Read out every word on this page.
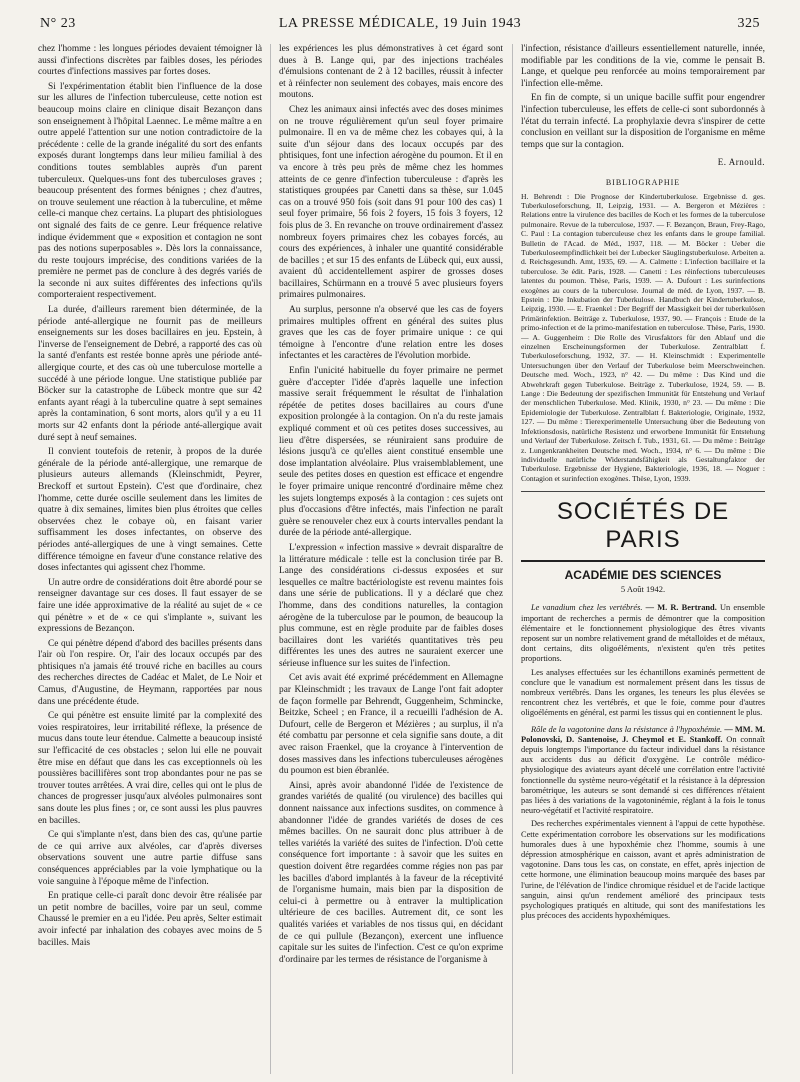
N° 23	LA PRESSE MÉDICALE, 19 Juin 1943	325

chez l'homme : les longues périodes devaient témoigner là aussi d'infections discrètes par faibles doses, les périodes courtes d'infections massives par fortes doses.

Si l'expérimentation établit bien l'influence de la dose sur les allures de l'infection tuberculeuse, cette notion est beaucoup moins claire en clinique disait Bezançon dans son enseignement à l'hôpital Laennec. Le même maître a en outre appelé l'attention sur une notion contradictoire de la précédente : celle de la grande inégalité du sort des enfants exposés durant longtemps dans leur milieu familial à des conditions toutes semblables auprès d'un parent tuberculeux. Quelques-uns font des tuberculoses graves ; beaucoup présentent des formes bénignes ; chez d'autres, on trouve seulement une réaction à la tuberculine, et même celle-ci manque chez certains. La plupart des phtisiologues ont signalé des faits de ce genre. Leur fréquence relative indique évidemment que « exposition et contagion ne sont pas des notions superposables ». Dès lors la connaissance, du reste toujours imprécise, des conditions variées de la première ne permet pas de conclure à des degrés variés de la seconde ni aux suites différentes des infections qu'ils comporteraient respectivement.

La durée, d'ailleurs rarement bien déterminée, de la période anté-allergique ne fournit pas de meilleurs enseignements sur les doses bacillaires en jeu. Epstein, à l'inverse de l'enseignement de Debré, a rapporté des cas où la santé d'enfants est restée bonne après une période anté-allergique courte, et des cas où une tuberculose mortelle a succédé à une période longue. Une statistique publiée par Böcker sur la catastrophe de Lübeck montre que sur 42 enfants ayant réagi à la tuberculine quatre à sept semaines après la contamination, 6 sont morts, alors qu'il y a eu 11 morts sur 42 enfants dont la période anté-allergique avait duré sept à neuf semaines.

Il convient toutefois de retenir, à propos de la durée générale de la période anté-allergique, une remarque de plusieurs auteurs allemands (Kleinschmidt, Peyrer, Breckoff et surtout Epstein). C'est que d'ordinaire, chez l'homme, cette durée oscille seulement dans les limites de quatre à dix semaines, limites bien plus étroites que celles observées chez le cobaye où, en faisant varier suffisamment les doses infectantes, on observe des périodes anté-allergiques de une à vingt semaines. Cette différence témoigne en faveur d'une constance relative des doses infectantes qui agissent chez l'homme.

Un autre ordre de considérations doit être abordé pour se renseigner davantage sur ces doses. Il faut essayer de se faire une idée approximative de la réalité au sujet de « ce qui pénètre » et de « ce qui s'implante », suivant les expressions de Bezançon.

Ce qui pénètre dépend d'abord des bacilles présents dans l'air où l'on respire. Or, l'air des locaux occupés par des phtisiques n'a jamais été trouvé riche en bacilles au cours des recherches directes de Cadéac et Malet, de Le Noir et Camus, d'Augustine, de Heymann, rapportées par nous dans une précédente étude.

Ce qui pénètre est ensuite limité par la complexité des voies respiratoires, leur irritabilité réflexe, la présence de mucus dans toute leur étendue. Calmette a beaucoup insisté sur l'efficacité de ces obstacles ; selon lui elle ne pouvait être mise en défaut que dans les cas exceptionnels où les poussières bacillifères sont trop abondantes pour ne pas se trouver toutes arrêtées. A vrai dire, celles qui ont le plus de chances de progresser jusqu'aux alvéoles pulmonaires sont sans doute les plus fines ; or, ce sont aussi les plus pauvres en bacilles.

Ce qui s'implante n'est, dans bien des cas, qu'une partie de ce qui arrive aux alvéoles, car d'après diverses observations souvent une autre partie diffuse sans conséquences appréciables par la voie lymphatique ou la voie sanguine à l'époque même de l'infection.

En pratique celle-ci paraît donc devoir être réalisée par un petit nombre de bacilles, voire par un seul, comme Chaussé le premier en a eu l'idée. Peu après, Selter estimait avoir infecté par inhalation des cobayes avec moins de 5 bacilles. Mais

les expériences les plus démonstratives à cet égard sont dues à B. Lange qui, par des injections trachéales d'émulsions contenant de 2 à 12 bacilles, réussit à infecter et à réinfecter non seulement des cobayes, mais encore des moutons.

Chez les animaux ainsi infectés avec des doses minimes on ne trouve régulièrement qu'un seul foyer primaire pulmonaire. Il en va de même chez les cobayes qui, à la suite d'un séjour dans des locaux occupés par des phtisiques, font une infection aérogène du poumon. Et il en va encore à très peu près de même chez les hommes atteints de ce genre d'infection tuberculeuse : d'après les statistiques groupées par Canetti dans sa thèse, sur 1.045 cas on a trouvé 950 fois (soit dans 91 pour 100 des cas) 1 seul foyer primaire, 56 fois 2 foyers, 15 fois 3 foyers, 12 fois plus de 3. En revanche on trouve ordinairement d'assez nombreux foyers primaires chez les cobayes forcés, au cours des expériences, à inhaler une quantité considérable de bacilles ; et sur 15 des enfants de Lübeck qui, eux aussi, avaient dû accidentellement aspirer de grosses doses bacillaires, Schürmann en a trouvé 5 avec plusieurs foyers primaires pulmonaires.

Au surplus, personne n'a observé que les cas de foyers primaires multiples offrent en général des suites plus graves que les cas de foyer primaire unique : ce qui témoigne à l'encontre d'une relation entre les doses infectantes et les caractères de l'évolution morbide.

Enfin l'unicité habituelle du foyer primaire ne permet guère d'accepter l'idée d'après laquelle une infection massive serait fréquemment le résultat de l'inhalation répétée de petites doses bacillaires au cours d'une exposition prolongée à la contagion. On n'a du reste jamais expliqué comment et où ces petites doses successives, au lieu d'être dispersées, se réuniraient sans produire de lésions jusqu'à ce qu'elles aient constitué ensemble une dose implantation alvéolaire. Plus vraisemblablement, une seule des petites doses en question est efficace et engendre le foyer primaire unique rencontré d'ordinaire même chez les sujets longtemps exposés à la contagion : ces sujets ont plus d'occasions d'être infectés, mais l'infection ne paraît guère se renouveler chez eux à courts intervalles pendant la durée de la période anté-allergique.

L'expression « infection massive » devrait disparaître de la littérature médicale : telle est la conclusion tirée par B. Lange des considérations ci-dessus exposées et sur lesquelles ce maître bactériologiste est revenu maintes fois dans une série de publications. Il y a déclaré que chez l'homme, dans des conditions naturelles, la contagion aérogène de la tuberculose par le poumon, de beaucoup la plus commune, est en règle produite par de faibles doses bacillaires dont les variétés quantitatives très peu différentes les unes des autres ne sauraient exercer une sérieuse influence sur les suites de l'infection.

Cet avis avait été exprimé précédemment en Allemagne par Kleinschmidt ; les travaux de Lange l'ont fait adopter de façon formelle par Behrendt, Guggenheim, Schmincke, Beitzke, Scheel ; en France, il a recueilli l'adhésion de A. Dufourt, celle de Bergeron et Mézières ; au surplus, il n'a été combattu par personne et cela signifie sans doute, a dit avec raison Fraenkel, que la croyance à l'intervention de doses massives dans les infections tuberculeuses aérogènes du poumon est bien ébranlée.

Ainsi, après avoir abandonné l'idée de l'existence de grandes variétés de qualité (ou virulence) des bacilles qui donnent naissance aux infections susdites, on commence à abandonner l'idée de grandes variétés de doses de ces mêmes bacilles. On ne saurait donc plus attribuer à de telles variétés la variété des suites de l'infection. D'où cette conséquence fort importante : à savoir que les suites en question doivent être regardées comme régies non pas par les bacilles d'abord implantés à la faveur de la réceptivité de l'organisme humain, mais bien par la disposition de celui-ci à permettre ou à entraver la multiplication ultérieure de ces bacilles. Autrement dit, ce sont les qualités variées et variables de nos tissus qui, en décidant de ce qui pullule (Bezançon), exercent une influence capitale sur les suites de l'infection. C'est ce qu'on exprime d'ordinaire par les termes de résistance de l'organisme à

l'infection, résistance d'ailleurs essentiellement naturelle, innée, modifiable par les conditions de la vie, comme le pensait B. Lange, et quelque peu renforcée au moins temporairement par l'infection elle-même.

En fin de compte, si un unique bacille suffit pour engendrer l'infection tuberculeuse, les effets de celle-ci sont subordonnés à l'état du terrain infecté. La prophylaxie devra s'inspirer de cette conclusion en veillant sur la disposition de l'organisme en même temps que sur la contagion.

E. Arnould.
BIBLIOGRAPHIE

H. Behrendt : Die Prognose der Kindertuberkulose. Ergebnisse d. ges. Tuberkuloseforschung, II, Leipzig, 1931. — A. Bergeron et Mézières : Relations entre la virulence des bacilles de Koch et les formes de la tuberculose pulmonaire. Revue de la tuberculose, 1937. — F. Bezançon, Braun, Frey-Rago, C. Paul : La contagion tuberculeuse chez les enfants dans le groupe familial. Bulletin de l'Acad. de Méd., 1937, 118. — M. Böcker : Ueber die Tuberkuloseempfindlichkeit bei der Lubecker Säuglingstuberkulose. Arbeiten a. d. Reichsgesundh. Amt, 1935, 69. — A. Calmette : L'infection bacillaire et la tuberculose. 3e édit. Paris, 1928. — Canetti : Les réinfections tuberculeuses latentes du poumon. Thèse, Paris, 1939. — A. Dufourt : Les surinfections exogènes au cours de la tuberculose. Journal de méd. de Lyon, 1937. — B. Epstein : Die Inkubation der Tuberkulose. Handbuch der Kindertuberkulose, Leipzig, 1930. — E. Fraenkel : Der Begriff der Massigkeit bei der tuberkulösen Primärinfektion. Beiträge z. Tuberkulose, 1937, 90. — François : Etude de la primo-infection et de la primo-manifestation en tuberculose. Thèse, Paris, 1930. — A. Guggenheim : Die Rolle des Virusfaktors für den Ablauf und die einzelnen Erscheinungsformen der Tuberkulose. Zentralblatt f. Tuberkuloseforschung, 1932, 37. — H. Kleinschmidt : Experimentelle Untersuchungen über den Verlauf der Tuberkulose beim Meerschweinchen. Deutsche med. Woch., 1923, n° 42. — Du même : Das Kind und die Abwehrkraft gegen Tuberkulose. Beiträge z. Tuberkulose, 1924, 59. — B. Lange : Die Bedeutung der spezifischen Immunität für Entstehung und Verlauf der menschlichen Tuberkulose. Med. Klinik, 1930, n° 23. — Du même : Die Epidemiologie der Tuberkulose. Zentralblatt f. Bakteriologie, Originale, 1932, 127. — Du même : Tierexperimentelle Untersuchung über die Bedeutung von Infektionsdosis, natürliche Resistenz und erworbene Immunität für Entstehung und Verlauf der Tuberkulose. Zeitsch f. Tub., 1931, 61. — Du même : Beiträge z. Lungenkrankheiten Deutsche med. Woch., 1934, n° 6. — Du même : Die individuelle natürliche Widerstandsfähigkeit als Gestaltungfaktor der Tuberkulose. Ergebnisse der Hygiene, Bakteriologie, 1936, 18. — Noguer : Contagion et surinfection exogènes. Thèse, Lyon, 1939.

SOCIÉTÉS DE PARIS
ACADÉMIE DES SCIENCES
5 Août 1942.

Le vanadium chez les vertébrés. — M. R. Bertrand. Un ensemble important de recherches a permis de démontrer que la composition élémentaire et le fonctionnement physiologique des êtres vivants reposent sur un nombre relativement grand de métalloïdes et de métaux, dont certains, dits oligoéléments, n'existent qu'en très petites proportions.

Les analyses effectuées sur les échantillons examinés permettent de conclure que le vanadium est normalement présent dans les tissus de nombreux vertébrés. Dans les organes, les teneurs les plus élevées se rencontrent chez les vertébrés, et que le foie, comme pour d'autres oligoéléments en général, est parmi les tissus qui en contiennent le plus.

Rôle de la vagotonine dans la résistance à l'hypoxhémie. — MM. M. Polonovski, D. Santenoise, J. Cheymol et E. Stankoff. On connaît depuis longtemps l'importance du facteur individuel dans la résistance aux accidents dus au déficit d'oxygène. Le contrôle médico-physiologique des aviateurs ayant décelé une corrélation entre l'activité fonctionnelle du système neuro-végétatif et la résistance à la dépression barométrique, les auteurs se sont demandé si ces différences n'étaient pas liées à des variations de la vagotoninémie, réglant à la fois le tonus neuro-végétatif et l'activité respiratoire.

Des recherches expérimentales viennent à l'appui de cette hypothèse. Cette expérimentation corrobore les observations sur les modifications humorales dues à une hypoxhémie chez l'homme, soumis à une dépression atmosphérique en caisson, avant et après administration de vagotonine. Dans tous les cas, on constate, en effet, après injection de cette hormone, une élimination beaucoup moins marquée des bases par l'urine, de l'élévation de l'indice chromique résiduel et de l'acide lactique sanguin, ainsi qu'un rendement amélioré des principaux tests psychologiques pratiqués en altitude, qui sont des manifestations les plus précoces des accidents hypoxhémiques.
